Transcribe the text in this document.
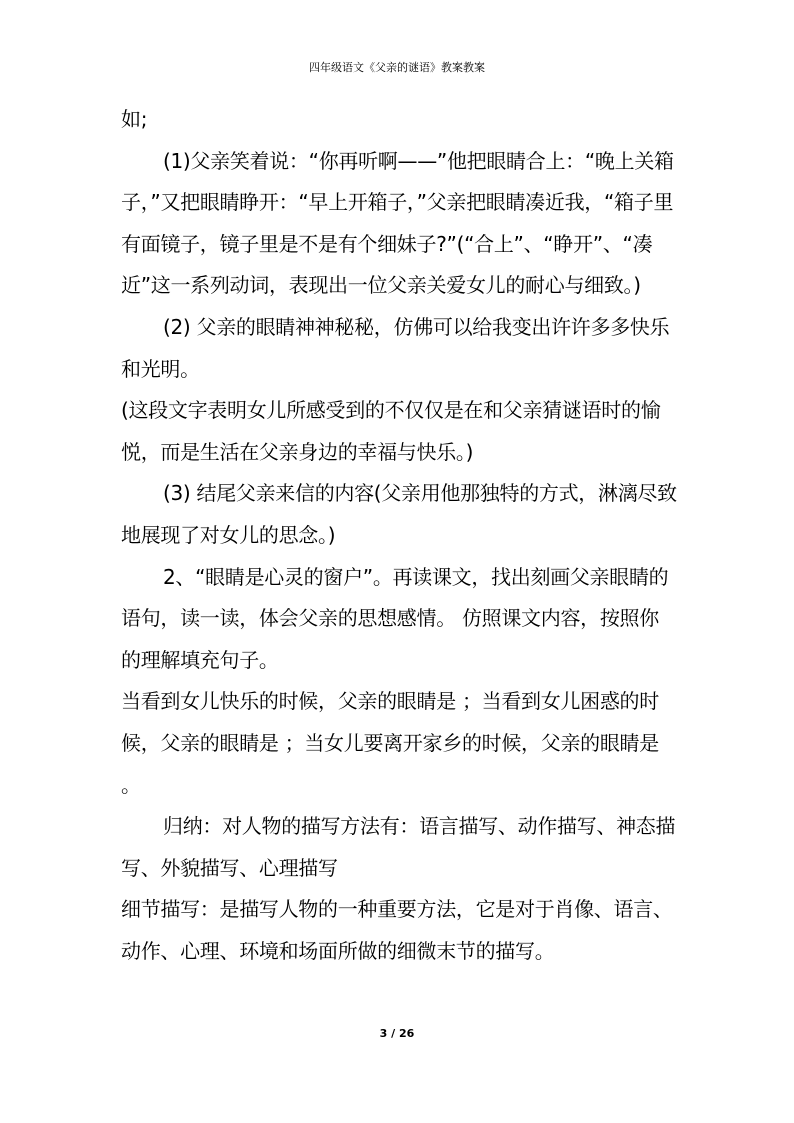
四年级语文《父亲的谜语》教案教案

如;

(1)父亲笑着说：“你再听啊——”他把眼睛合上：“晚上关箱子，”又把眼睛睁开：“早上开箱子，”父亲把眼睛凑近我，“箱子里有面镜子，镜子里是不是有个细妹子?”(“合上”、“睁开”、“凑近”这一系列动词，表现出一位父亲关爱女儿的耐心与细致。)

(2) 父亲的眼睛神神秘秘，仿佛可以给我变出许许多多快乐和光明。

(这段文字表明女儿所感受到的不仅仅是在和父亲猜谜语时的愉悦，而是生活在父亲身边的幸福与快乐。)

(3) 结尾父亲来信的内容(父亲用他那独特的方式，淋漓尽致地展现了对女儿的思念。)

2、“眼睛是心灵的窗户”。再读课文，找出刻画父亲眼睛的语句，读一读，体会父亲的思想感情。 仿照课文内容，按照你的理解填充句子。

当看到女儿快乐的时候，父亲的眼睛是 ；当看到女儿困惑的时候，父亲的眼睛是 ；当女儿要离开家乡的时候，父亲的眼睛是 。

归纳：对人物的描写方法有：语言描写、动作描写、神态描写、外貌描写、心理描写

细节描写：是描写人物的一种重要方法，它是对于肖像、语言、动作、心理、环境和场面所做的细微末节的描写。

3 / 26
